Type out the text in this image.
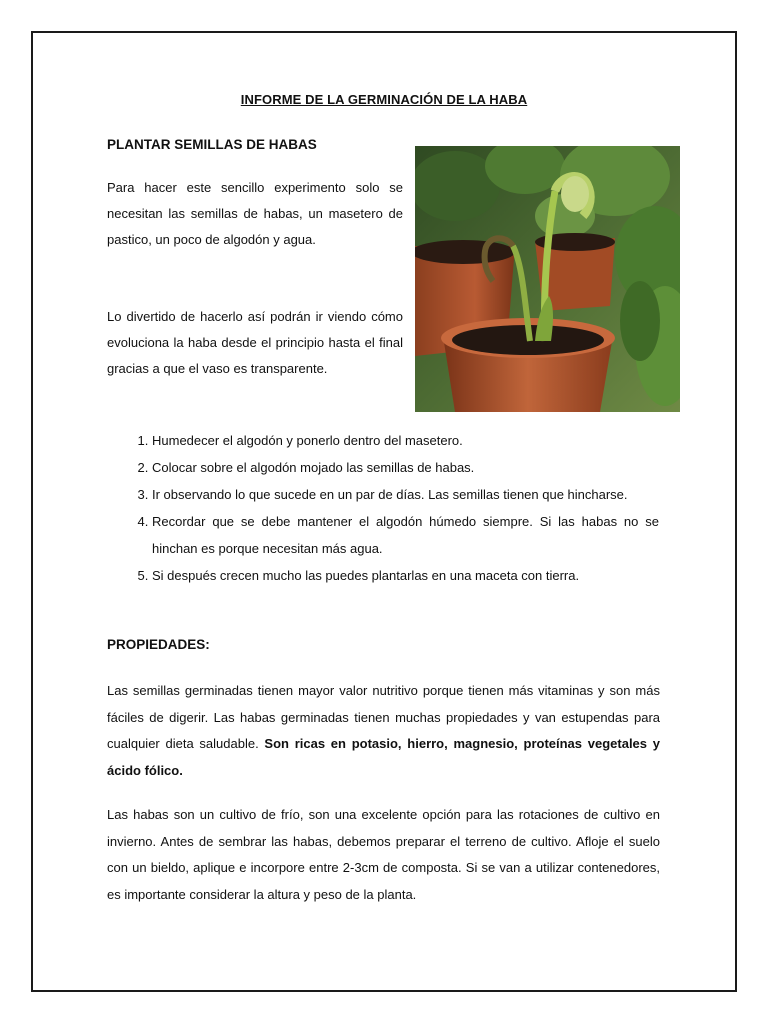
INFORME DE LA GERMINACIÓN DE LA HABA
PLANTAR SEMILLAS DE HABAS

Para hacer este sencillo experimento solo se necesitan las semillas de habas, un masetero de pastico, un poco de algodón y agua.

Lo divertido de hacerlo así podrán ir viendo cómo evoluciona la haba desde el principio hasta el final gracias a que el vaso es transparente.

1. Humedecer el algodón y ponerlo dentro del masetero.
2. Colocar sobre el algodón mojado las semillas de habas.
3. Ir observando lo que sucede en un par de días. Las semillas tienen que hincharse.
4. Recordar que se debe mantener el algodón húmedo siempre. Si las habas no se hinchan es porque necesitan más agua.
5. Si después crecen mucho las puedes plantarlas en una maceta con tierra.
PROPIEDADES:

Las semillas germinadas tienen mayor valor nutritivo porque tienen más vitaminas y son más fáciles de digerir. Las habas germinadas tienen muchas propiedades y van estupendas para cualquier dieta saludable. Son ricas en potasio, hierro, magnesio, proteínas vegetales y ácido fólico.

Las habas son un cultivo de frío, son una excelente opción para las rotaciones de cultivo en invierno. Antes de sembrar las habas, debemos preparar el terreno de cultivo. Afloje el suelo con un bieldo, aplique e incorpore entre 2-3cm de composta. Si se van a utilizar contenedores, es importante considerar la altura y peso de la planta.
